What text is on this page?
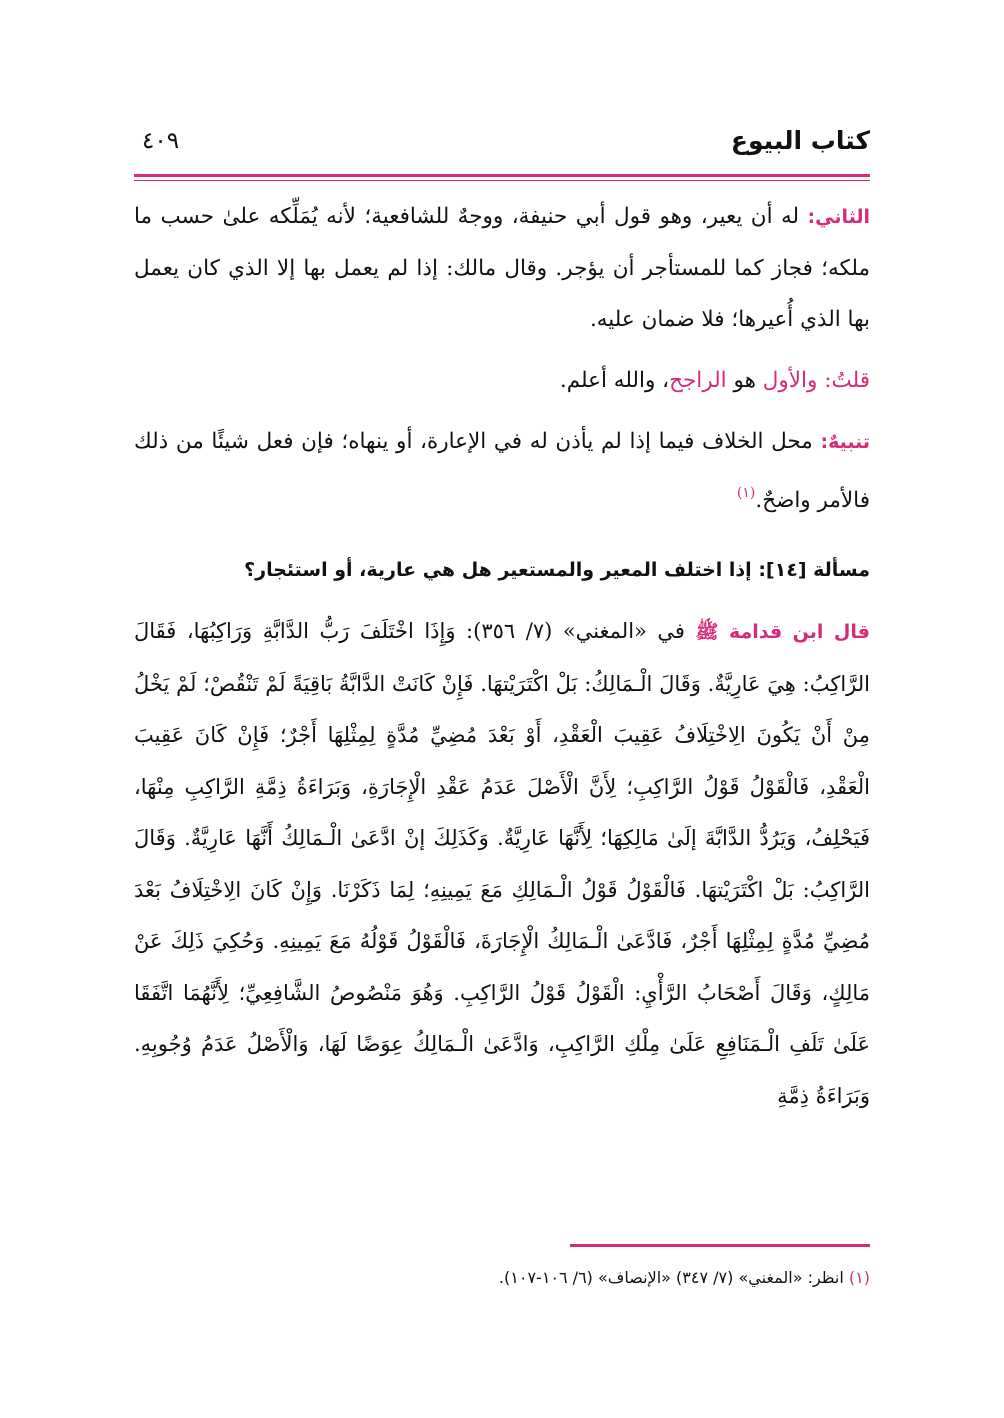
كتاب البيوع
٤٠٩

الثاني: له أن يعير، وهو قول أبي حنيفة، ووجهٌ للشافعية؛ لأنه يُمَلِّكه علىٰ حسب ما ملكه؛ فجاز كما للمستأجر أن يؤجر. وقال مالك: إذا لم يعمل بها إلا الذي كان يعمل بها الذي أُعيرها؛ فلا ضمان عليه.

قلتُ: والأول هو الراجح، والله أعلم.

تنبيهٌ: محل الخلاف فيما إذا لم يأذن له في الإعارة، أو ينهاه؛ فإن فعل شيئًا من ذلك فالأمر واضحٌ.$^{(١)}$

مسألة [١٤]: إذا اختلف المعير والمستعير هل هي عارية، أو استئجار؟

قال ابن قدامة ﷺ في «المغني» (٧/ ٣٥٦): وَإِذَا اخْتَلَفَ رَبُّ الدَّابَّةِ وَرَاكِبُهَا، فَقَالَ الرَّاكِبُ: هِيَ عَارِيَّةٌ. وَقَالَ الْـمَالِكُ: بَلْ اكْتَرَيْتهَا. فَإِنْ كَانَتْ الدَّابَّةُ بَاقِيَةً لَمْ تَنْقُصْ؛ لَمْ يَخْلُ مِنْ أَنْ يَكُونَ الِاخْتِلَافُ عَقِيبَ الْعَقْدِ، أَوْ بَعْدَ مُضِيِّ مُدَّةٍ لِمِثْلِهَا أَجْرٌ؛ فَإِنْ كَانَ عَقِيبَ الْعَقْدِ، فَالْقَوْلُ قَوْلُ الرَّاكِبِ؛ لِأَنَّ الْأَصْلَ عَدَمُ عَقْدِ الْإِجَارَةِ، وَبَرَاءَةُ ذِمَّةِ الرَّاكِبِ مِنْهَا، فَيَحْلِفُ، وَيَرُدُّ الدَّابَّةَ إلَىٰ مَالِكِهَا؛ لِأَنَّهَا عَارِيَّةٌ. وَكَذَلِكَ إنْ ادَّعَىٰ الْـمَالِكُ أَنَّهَا عَارِيَّةٌ. وَقَالَ الرَّاكِبُ: بَلْ اكْتَرَيْتهَا. فَالْقَوْلُ قَوْلُ الْـمَالِكِ مَعَ يَمِينِهِ؛ لِمَا ذَكَرْنَا. وَإِنْ كَانَ الِاخْتِلَافُ بَعْدَ مُضِيِّ مُدَّةٍ لِمِثْلِهَا أَجْرٌ، فَادَّعَىٰ الْـمَالِكُ الْإِجَارَةَ، فَالْقَوْلُ قَوْلُهُ مَعَ يَمِينِهِ. وَحُكِيَ ذَلِكَ عَنْ مَالِكٍ، وَقَالَ أَصْحَابُ الرَّأْيِ: الْقَوْلُ قَوْلُ الرَّاكِبِ. وَهُوَ مَنْصُوصُ الشَّافِعِيِّ؛ لِأَنَّهُمَا اتَّفَقَا عَلَىٰ تَلَفِ الْـمَنَافِعِ عَلَىٰ مِلْكِ الرَّاكِبِ، وَادَّعَىٰ الْـمَالِكُ عِوَضًا لَهَا، وَالْأَصْلُ عَدَمُ وُجُوبِهِ. وَبَرَاءَةُ ذِمَّةِ

(١) انظر: «المغني» (٧/ ٣٤٧) «الإنصاف» (٦/ ١٠٦-١٠٧).
